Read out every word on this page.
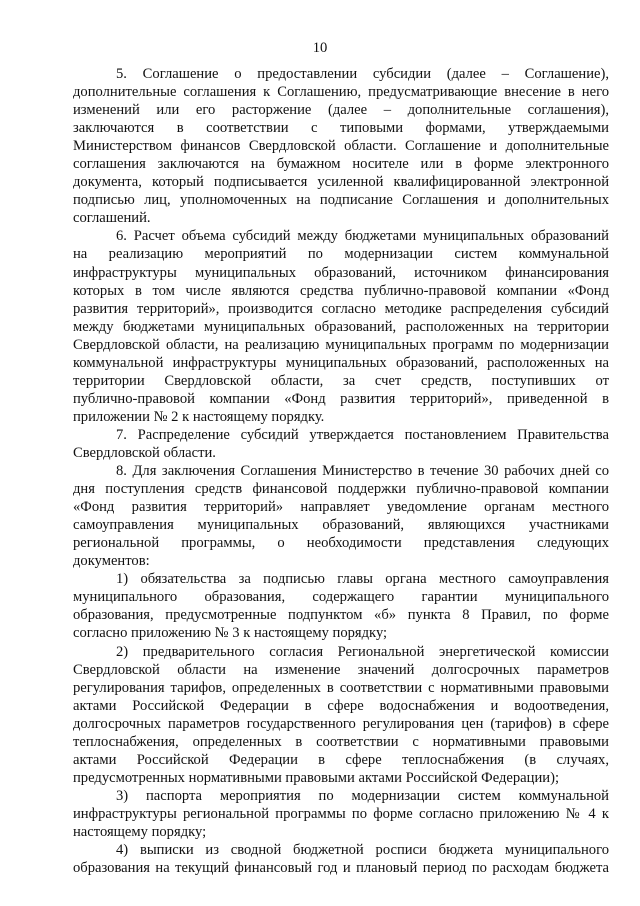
10
5. Соглашение о предоставлении субсидии (далее – Соглашение),
дополнительные соглашения к Соглашению, предусматривающие внесение в него
изменений или его расторжение (далее – дополнительные соглашения),
заключаются в соответствии с типовыми формами, утверждаемыми
Министерством финансов Свердловской области. Соглашение и дополнительные
соглашения заключаются на бумажном носителе или в форме электронного
документа, который подписывается усиленной квалифицированной электронной
подписью лиц, уполномоченных на подписание Соглашения и дополнительных
соглашений.
6. Расчет объема субсидий между бюджетами муниципальных образований
на реализацию мероприятий по модернизации систем коммунальной
инфраструктуры муниципальных образований, источником финансирования
которых в том числе являются средства публично-правовой компании «Фонд
развития территорий», производится согласно методике распределения субсидий
между бюджетами муниципальных образований, расположенных на территории
Свердловской области, на реализацию муниципальных программ по модернизации
коммунальной инфраструктуры муниципальных образований, расположенных на
территории Свердловской области, за счет средств, поступивших от
публично-правовой компании «Фонд развития территорий», приведенной в
приложении № 2 к настоящему порядку.
7. Распределение субсидий утверждается постановлением Правительства
Свердловской области.
8. Для заключения Соглашения Министерство в течение 30 рабочих дней со
дня поступления средств финансовой поддержки публично-правовой компании
«Фонд развития территорий» направляет уведомление органам местного
самоуправления муниципальных образований, являющихся участниками
региональной программы, о необходимости представления следующих
документов:
1) обязательства за подписью главы органа местного самоуправления
муниципального образования, содержащего гарантии муниципального
образования, предусмотренные подпунктом «б» пункта 8 Правил, по форме
согласно приложению № 3 к настоящему порядку;
2) предварительного согласия Региональной энергетической комиссии
Свердловской области на изменение значений долгосрочных параметров
регулирования тарифов, определенных в соответствии с нормативными правовыми
актами Российской Федерации в сфере водоснабжения и водоотведения,
долгосрочных параметров государственного регулирования цен (тарифов) в сфере
теплоснабжения, определенных в соответствии с нормативными правовыми
актами Российской Федерации в сфере теплоснабжения (в случаях,
предусмотренных нормативными правовыми актами Российской Федерации);
3) паспорта мероприятия по модернизации систем коммунальной
инфраструктуры региональной программы по форме согласно приложению № 4 к
настоящему порядку;
4) выписки из сводной бюджетной росписи бюджета муниципального
образования на текущий финансовый год и плановый период по расходам бюджета
